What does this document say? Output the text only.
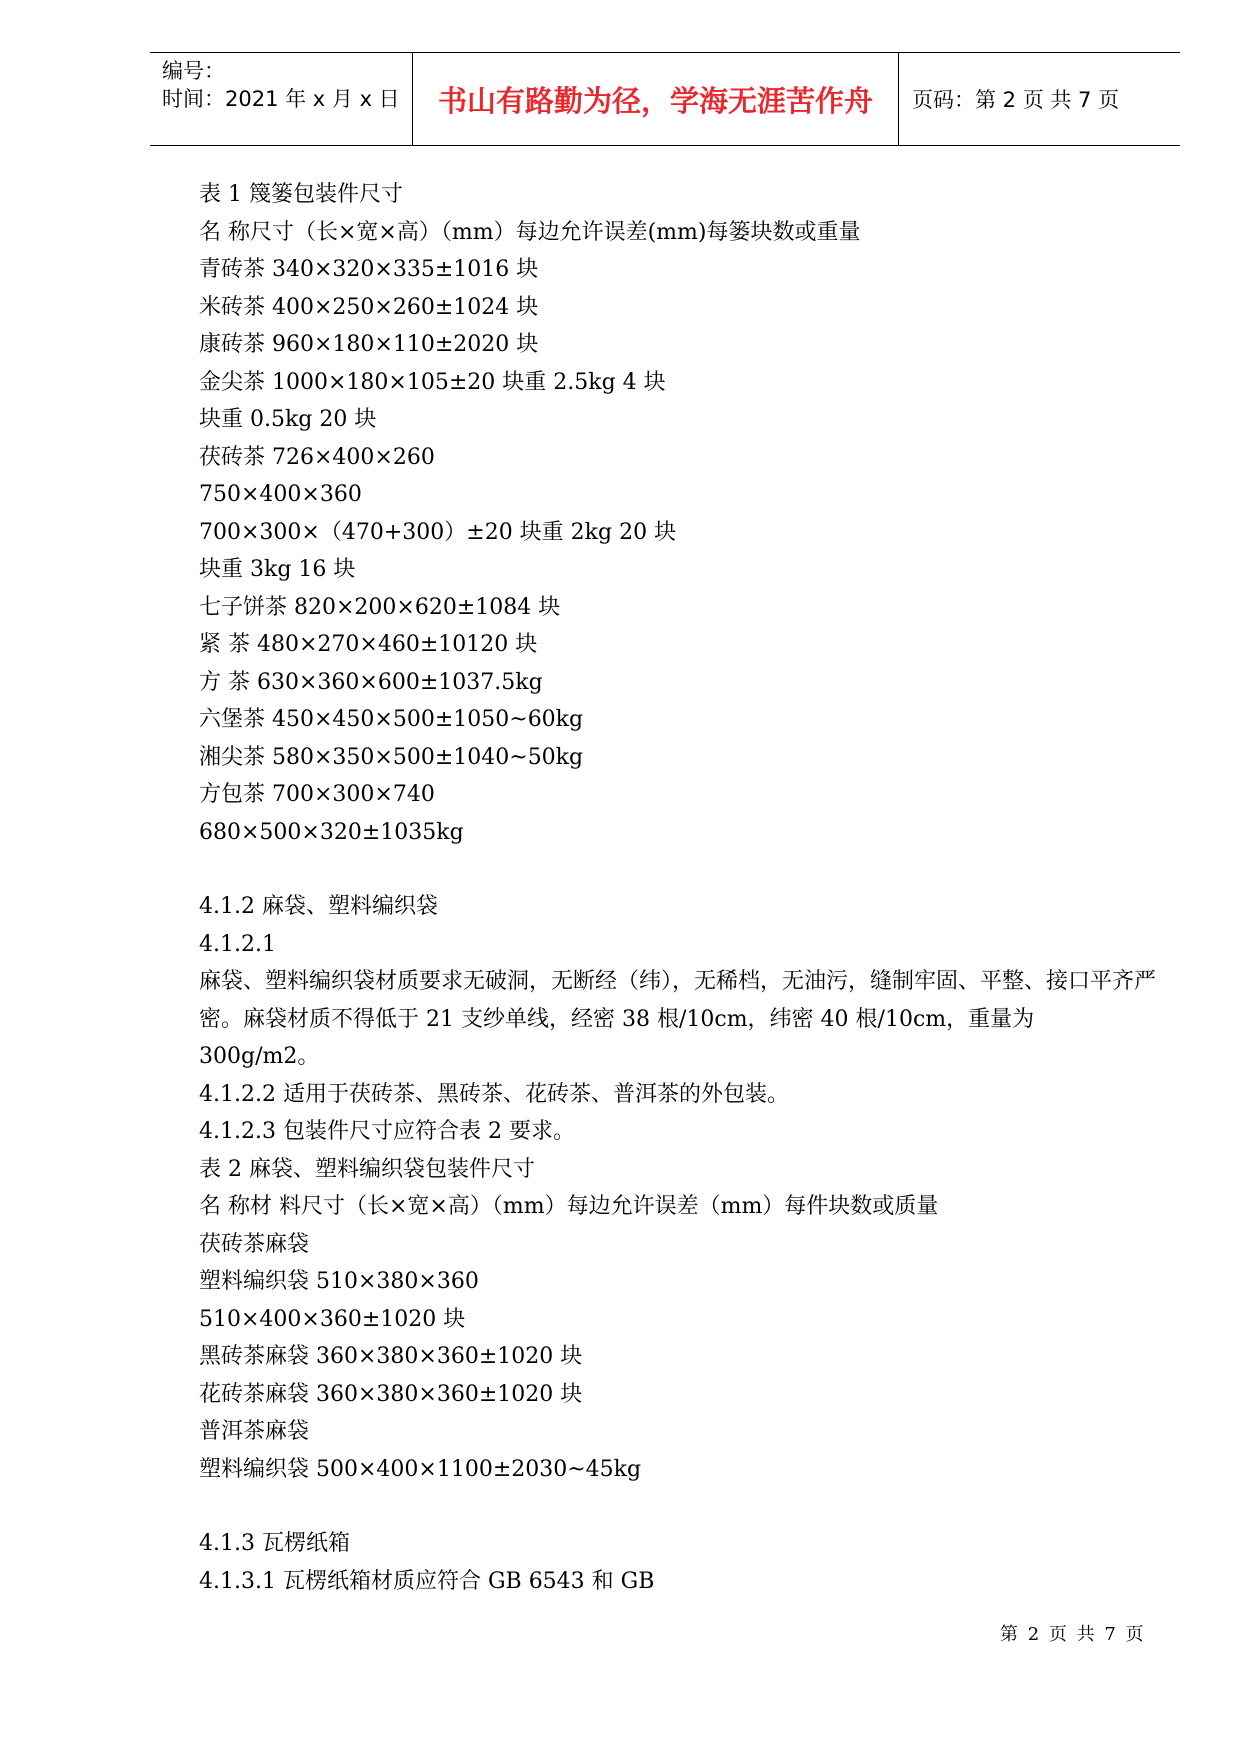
编号：
时间：2021 年 x 月 x 日	书山有路勤为径，学海无涯苦作舟	页码：第 2 页 共 7 页
表 1 篾篓包装件尺寸
名 称尺寸（长×宽×高）（mm）每边允许误差(mm)每篓块数或重量
青砖茶 340×320×335±1016 块
米砖茶 400×250×260±1024 块
康砖茶 960×180×110±2020 块
金尖茶 1000×180×105±20 块重 2.5kg 4 块
块重 0.5kg 20 块
茯砖茶 726×400×260
750×400×360
700×300×（470+300）±20 块重 2kg 20 块
块重 3kg 16 块
七子饼茶 820×200×620±1084 块
紧 茶 480×270×460±10120 块
方 茶 630×360×600±1037.5kg
六堡茶 450×450×500±1050~60kg
湘尖茶 580×350×500±1040~50kg
方包茶 700×300×740
680×500×320±1035kg
4.1.2 麻袋、塑料编织袋
4.1.2.1
麻袋、塑料编织袋材质要求无破洞，无断经（纬），无稀档，无油污，缝制牢固、平整、接口平齐严密。麻袋材质不得低于 21 支纱单线，经密 38 根/10cm，纬密 40 根/10cm，重量为 300g/m2。
4.1.2.2 适用于茯砖茶、黑砖茶、花砖茶、普洱茶的外包装。
4.1.2.3 包装件尺寸应符合表 2 要求。
表 2 麻袋、塑料编织袋包装件尺寸
名 称材 料尺寸（长×宽×高）（mm）每边允许误差（mm）每件块数或质量
茯砖茶麻袋
塑料编织袋 510×380×360
510×400×360±1020 块
黑砖茶麻袋 360×380×360±1020 块
花砖茶麻袋 360×380×360±1020 块
普洱茶麻袋
塑料编织袋 500×400×1100±2030~45kg
4.1.3 瓦楞纸箱
4.1.3.1 瓦楞纸箱材质应符合 GB 6543 和 GB
第 2 页 共 7 页
